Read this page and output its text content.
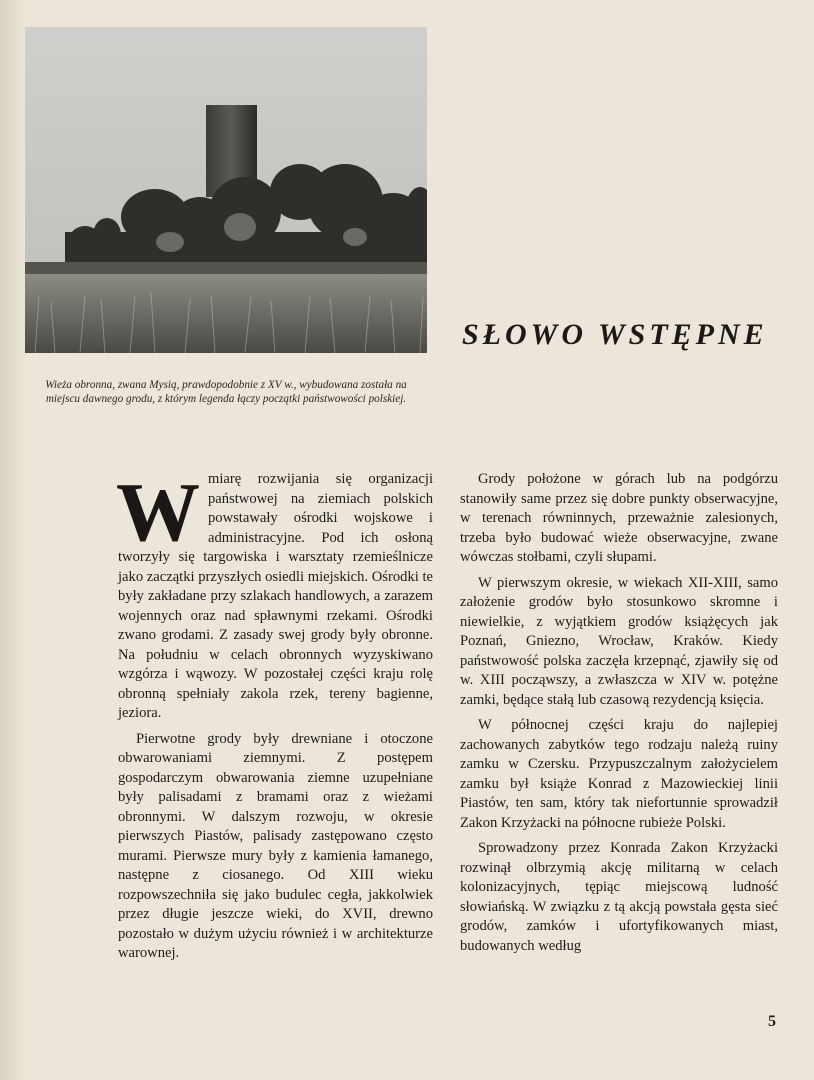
Wieża obronna, zwana Mysią, prawdopodobnie z XV w., wybudowana została na miejscu dawnego grodu, z którym legenda łączy początki państwowości polskiej.

SŁOWO WSTĘPNE

Wmiarę rozwijania się organizacji państwowej na ziemiach polskich powstawały ośrodki wojskowe i administracyjne. Pod ich osłoną tworzyły się targowiska i warsztaty rzemieślnicze jako zaczątki przyszłych osiedli miejskich. Ośrodki te były zakładane przy szlakach handlowych, a zarazem wojennych oraz nad spławnymi rzekami. Ośrodki zwano grodami. Z zasady swej grody były obronne. Na południu w celach obronnych wyzyskiwano wzgórza i wąwozy. W pozostałej części kraju rolę obronną spełniały zakola rzek, tereny bagienne, jeziora.

Pierwotne grody były drewniane i otoczone obwarowaniami ziemnymi. Z postępem gospodarczym obwarowania ziemne uzupełniane były palisadami z bramami oraz z wieżami obronnymi. W dalszym rozwoju, w okresie pierwszych Piastów, palisady zastępowano często murami. Pierwsze mury były z kamienia łamanego, następne z ciosanego. Od XIII wieku rozpowszechniła się jako budulec cegła, jakkolwiek przez długie jeszcze wieki, do XVII, drewno pozostało w dużym użyciu również i w architekturze warownej.

Grody położone w górach lub na podgórzu stanowiły same przez się dobre punkty obserwacyjne, w terenach równinnych, przeważnie zalesionych, trzeba było budować wieże obserwacyjne, zwane wówczas stołbami, czyli słupami.

W pierwszym okresie, w wiekach XII-XIII, samo założenie grodów było stosunkowo skromne i niewielkie, z wyjątkiem grodów książęcych jak Poznań, Gniezno, Wrocław, Kraków. Kiedy państwowość polska zaczęła krzepnąć, zjawiły się od w. XIII począwszy, a zwłaszcza w XIV w. potężne zamki, będące stałą lub czasową rezydencją księcia.

W północnej części kraju do najlepiej zachowanych zabytków tego rodzaju należą ruiny zamku w Czersku. Przypuszczalnym założycielem zamku był książe Konrad z Mazowieckiej linii Piastów, ten sam, który tak niefortunnie sprowadził Zakon Krzyżacki na północne rubieże Polski.

Sprowadzony przez Konrada Zakon Krzyżacki rozwinął olbrzymią akcję militarną w celach kolonizacyjnych, tępiąc miejscową ludność słowiańską. W związku z tą akcją powstała gęsta sieć grodów, zamków i ufortyfikowanych miast, budowanych według

5
